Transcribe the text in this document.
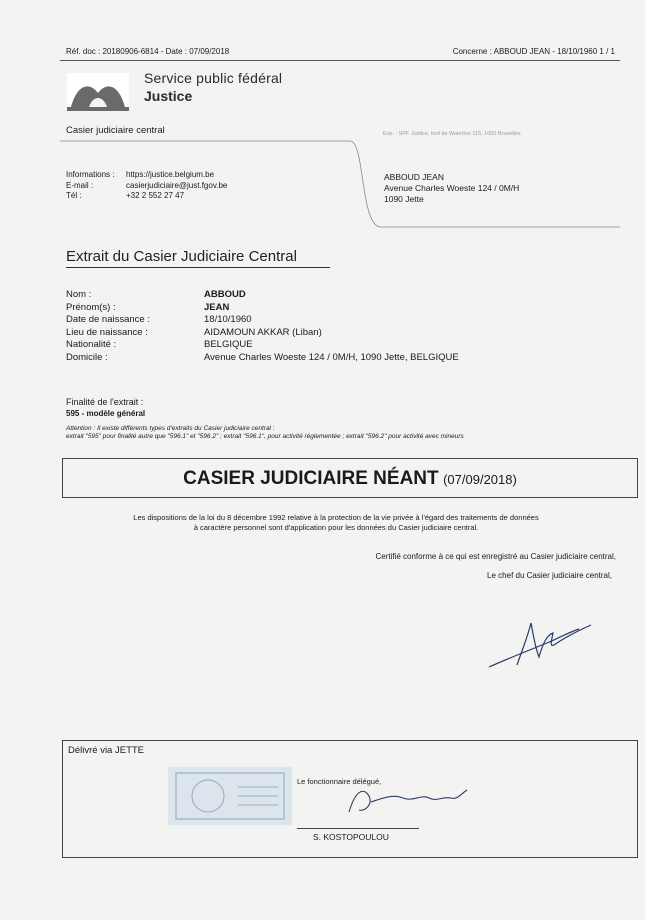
Réf. doc : 20180906-6814 - Date : 07/09/2018	Concerne : ABBOUD JEAN - 18/10/1960 1 / 1
Service public fédéral
Justice
Casier judiciaire central	Exp. : SPF Justice, bvd de Waterloo 115, 1000 Bruxelles
Informations : https://justice.belgium.be
E-mail :	casierjudiciaire@just.fgov.be
Tél :	+32 2 552 27 47
ABBOUD JEAN
Avenue Charles Woeste 124 / 0M/H
1090 Jette
Extrait du Casier Judiciaire Central
Nom :	ABBOUD
Prénom(s) :	JEAN
Date de naissance :	18/10/1960
Lieu de naissance :	AIDAMOUN AKKAR (Liban)
Nationalité :	BELGIQUE
Domicile :	Avenue Charles Woeste 124 / 0M/H, 1090 Jette, BELGIQUE
Finalité de l'extrait :
595 - modèle général
Attention : Il existe différents types d'extraits du Casier judiciaire central :
extrait "595" pour finalité autre que "596.1" et "596.2" ; extrait "596.1", pour activité réglementée ; extrait "596.2" pour activité avec mineurs
CASIER JUDICIAIRE NÉANT (07/09/2018)
Les dispositions de la loi du 8 décembre 1992 relative à la protection de la vie privée à l'égard des traitements de données
à caractère personnel sont d'application pour les données du Casier judiciaire central.
Certifié conforme à ce qui est enregistré au Casier judiciaire central,
Le chef du Casier judiciaire central,
Délivré via JETTE
Le fonctionnaire délégué,
S. KOSTOPOULOU
